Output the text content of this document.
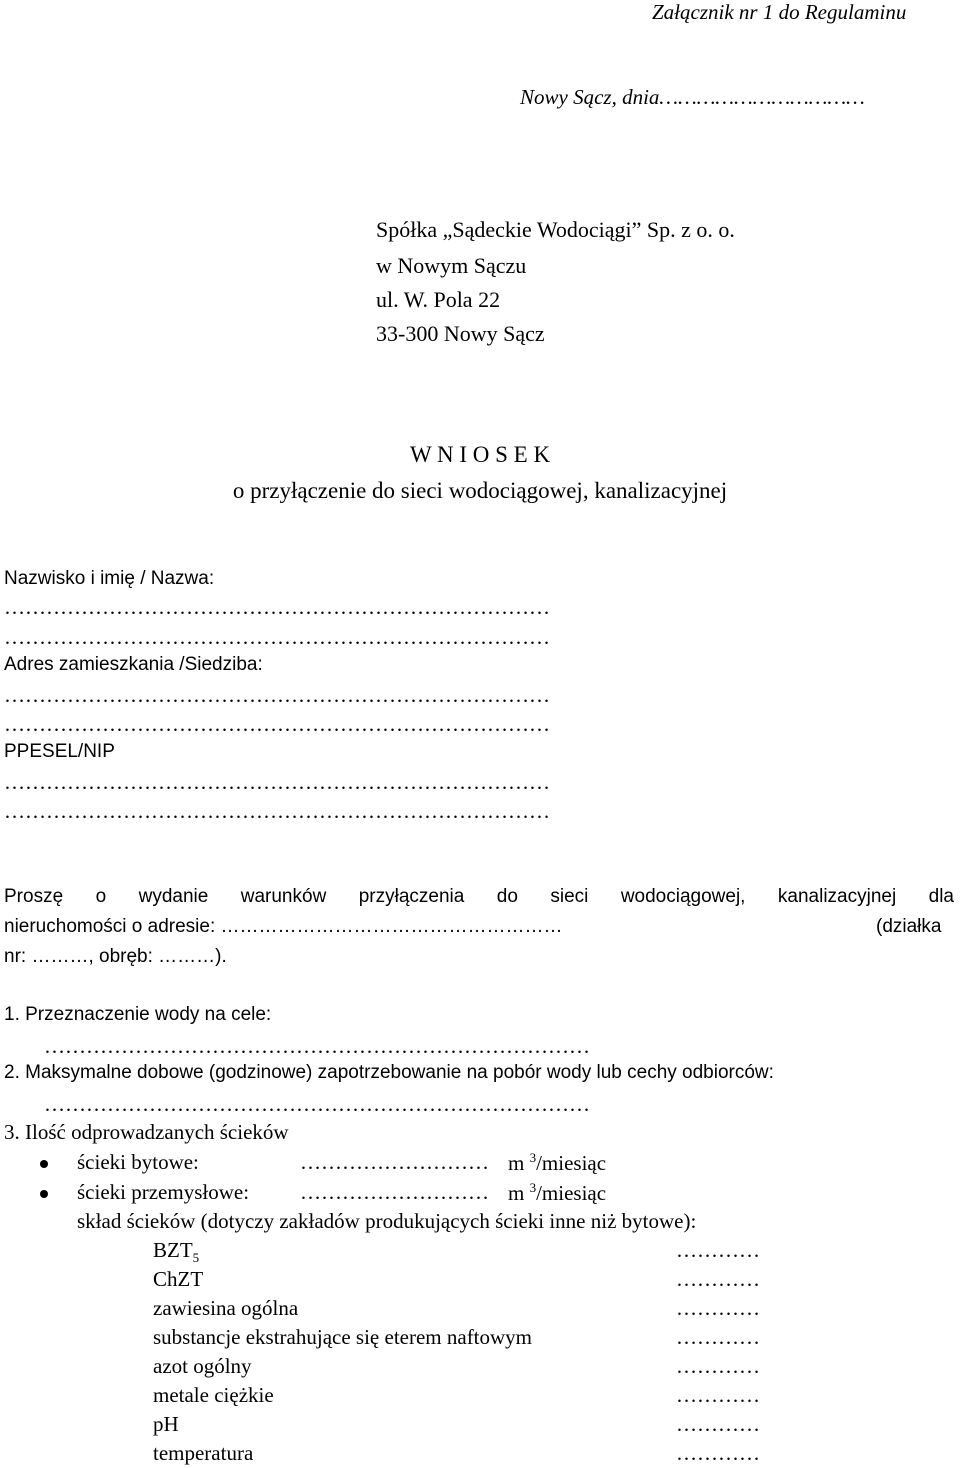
Załącznik nr 1 do Regulaminu
Nowy Sącz, dnia……………………………
Spółka „Sądeckie Wodociągi” Sp. z o. o.
w Nowym Sączu
ul. W. Pola 22
33-300 Nowy Sącz
W N I O S E K
o przyłączenie do sieci wodociągowej, kanalizacyjnej
Nazwisko i imię / Nazwa:
……………………………………………………………………
……………………………………………………………………
Adres zamieszkania /Siedziba:
……………………………………………………………………
……………………………………………………………………
PPESEL/NIP
……………………………………………………………………
……………………………………………………………………
Proszę o wydanie warunków przyłączenia do sieci wodociągowej, kanalizacyjnej dla
nieruchomości o adresie: ………………………………………………	(działka
nr: ………, obręb: ………).
1. Przeznaczenie wody na cele:
……………………………………………………………………
2. Maksymalne dobowe (godzinowe) zapotrzebowanie na pobór wody lub cechy odbiorców:
……………………………………………………………………
3. Ilość odprowadzanych ścieków
ścieki bytowe:	……………………… m $^3$/miesiąc
ścieki przemysłowe: ……………………… m $^3$/miesiąc
skład ścieków (dotyczy zakładów produkujących ścieki inne niż bytowe):
$BZT_5$	…………
ChZT	…………
zawiesina ogólna	…………
substancje ekstrahujące się eterem naftowym	…………
azot ogólny	…………
metale ciężkie	…………
pH	…………
temperatura	…………
